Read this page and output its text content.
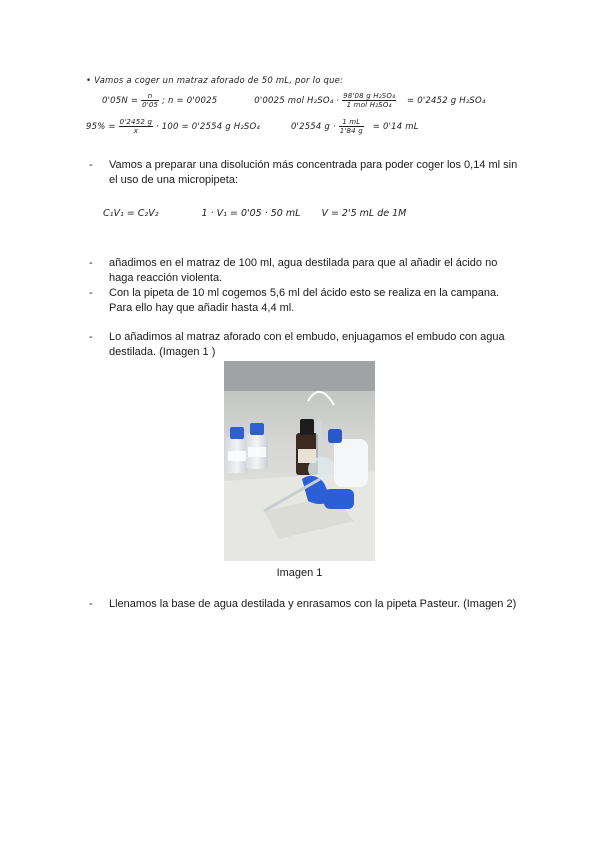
• Vamos a coger un matraz aforado de 50 mL, por lo que:
$0'05N = \frac{n}{0'05}$ ; n = 0'0025	0'0025 mol $H_2SO_4 \cdot \frac{\text{98'08 g H₂SO₄}}{\text{1 mol H₂SO₄}} = 0'2452$ g H₂SO₄
$95\% = \frac{0'2452 g}{x} \cdot 100 = 0'2554$ g H₂SO₄	0'2554 $g \cdot \frac{1 mL}{1'84 g} = 0'14$ mL
- Vamos a preparar una disolución más concentrada para poder coger los 0,14 ml sin el uso de una micropipeta:
C₁V₁ = C₂V₂	1 · V₁ = 0'05 · 50 mL V = 2'5 mL de 1M
- añadimos en el matraz de 100 ml, agua destilada para que al añadir el ácido no haga reacción violenta.
- Con la pipeta de 10 ml cogemos 5,6 ml del ácido esto se realiza en la campana. Para ello hay que añadir hasta 4,4 ml.
- Lo añadimos al matraz aforado con el embudo, enjuagamos el embudo con agua destilada. (Imagen 1 )
Imagen 1
- Llenamos la base de agua destilada y enrasamos con la pipeta Pasteur. (Imagen 2)
